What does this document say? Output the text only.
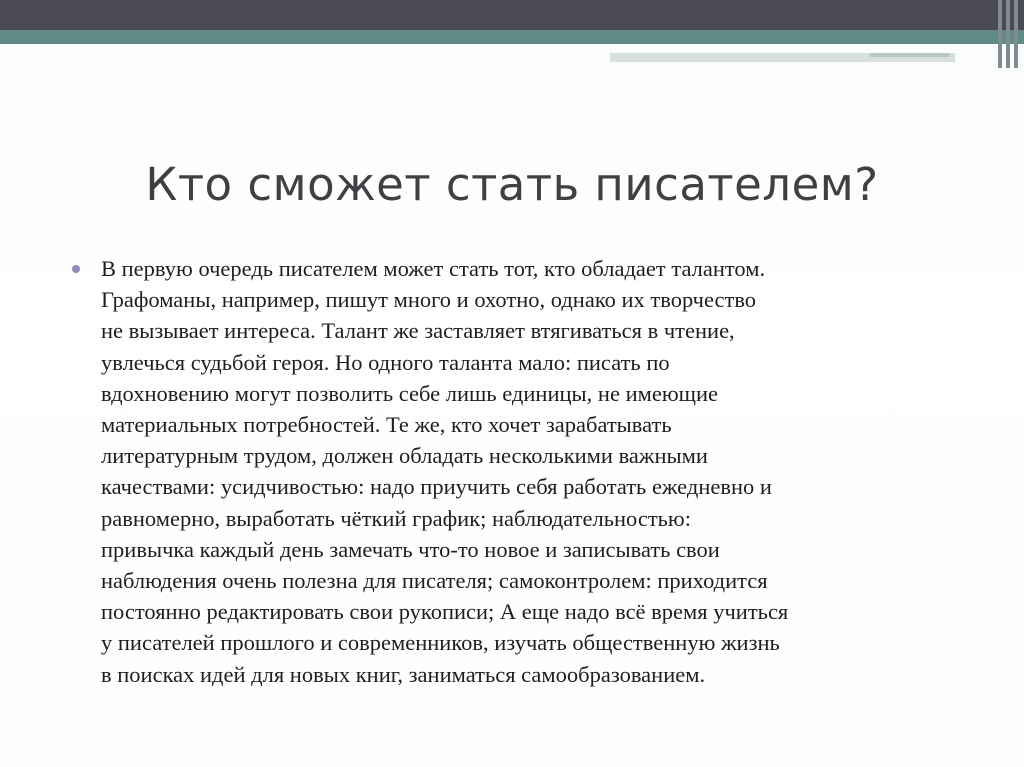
Кто сможет стать писателем?

В первую очередь писателем может стать тот, кто обладает талантом.
Графоманы, например, пишут много и охотно, однако их творчество
не вызывает интереса. Талант же заставляет втягиваться в чтение,
увлечься судьбой героя. Но одного таланта мало: писать по
вдохновению могут позволить себе лишь единицы, не имеющие
материальных потребностей. Те же, кто хочет зарабатывать
литературным трудом, должен обладать несколькими важными
качествами: усидчивостью: надо приучить себя работать ежедневно и
равномерно, выработать чёткий график; наблюдательностью:
привычка каждый день замечать что-то новое и записывать свои
наблюдения очень полезна для писателя; самоконтролем: приходится
постоянно редактировать свои рукописи; А еще надо всё время учиться
у писателей прошлого и современников, изучать общественную жизнь
в поисках идей для новых книг, заниматься самообразованием.
